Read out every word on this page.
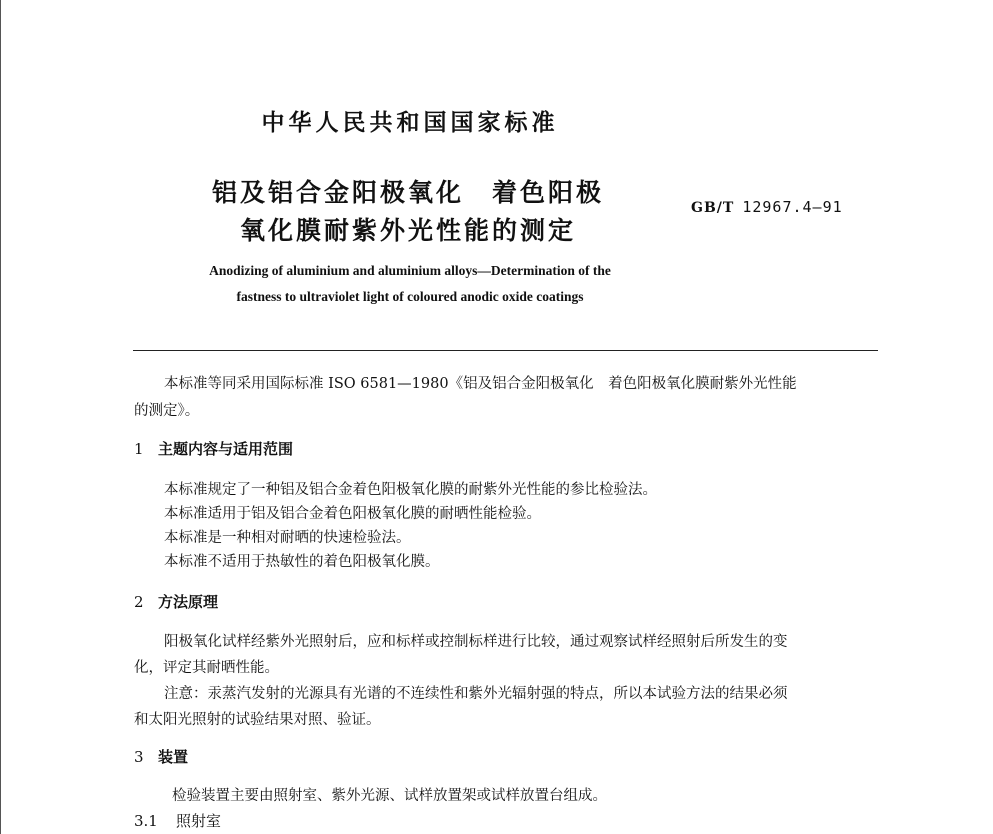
中华人民共和国国家标准
铝及铝合金阳极氧化　着色阳极
氧化膜耐紫外光性能的测定
GB/T 12967.4—91
Anodizing of aluminium and aluminium alloys—Determination of the
fastness to ultraviolet light of coloured anodic oxide coatings
本标准等同采用国际标准 ISO 6581—1980《铝及铝合金阳极氧化　着色阳极氧化膜耐紫外光性能
的测定》。
1 主题内容与适用范围
本标准规定了一种铝及铝合金着色阳极氧化膜的耐紫外光性能的参比检验法。
本标准适用于铝及铝合金着色阳极氧化膜的耐晒性能检验。
本标准是一种相对耐晒的快速检验法。
本标准不适用于热敏性的着色阳极氧化膜。
2 方法原理
阳极氧化试样经紫外光照射后，应和标样或控制标样进行比较，通过观察试样经照射后所发生的变
化，评定其耐晒性能。
注意：汞蒸汽发射的光源具有光谱的不连续性和紫外光辐射强的特点，所以本试验方法的结果必须
和太阳光照射的试验结果对照、验证。
3 装置
检验装置主要由照射室、紫外光源、试样放置架或试样放置台组成。
3.1 照射室
